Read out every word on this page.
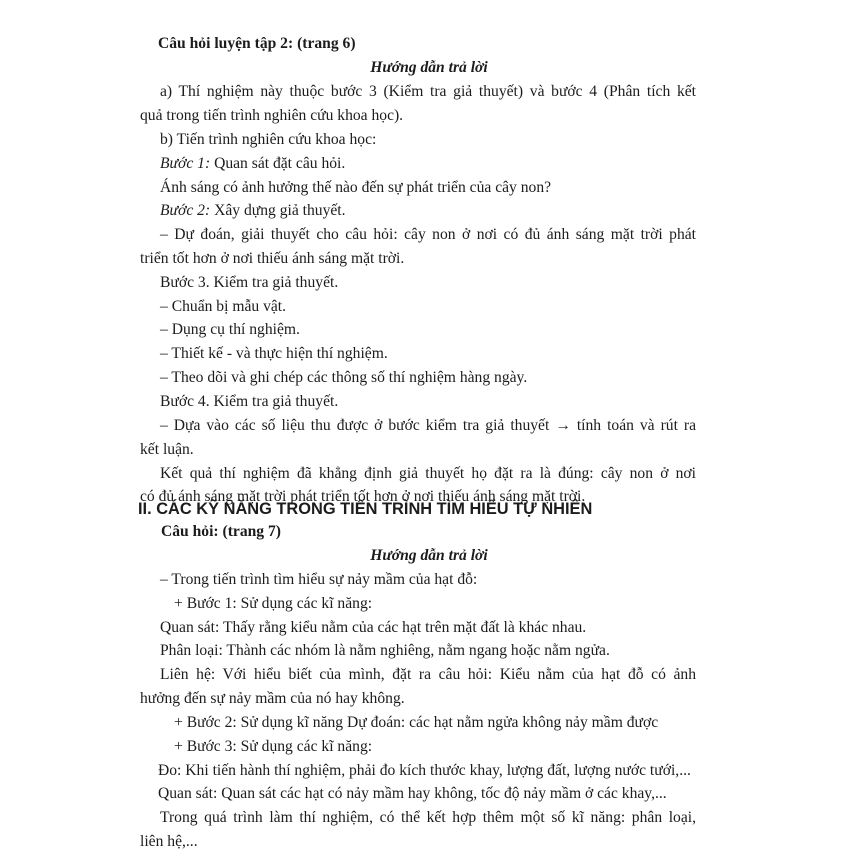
Câu hỏi luyện tập 2: (trang 6)
Hướng dẫn trả lời
a) Thí nghiệm này thuộc bước 3 (Kiểm tra giả thuyết) và bước 4 (Phân tích kết
quả trong tiến trình nghiên cứu khoa học).
b) Tiến trình nghiên cứu khoa học:
Bước 1: Quan sát đặt câu hỏi.
Ánh sáng có ảnh hưởng thế nào đến sự phát triển của cây non?
Bước 2: Xây dựng giả thuyết.
– Dự đoán, giải thuyết cho câu hỏi: cây non ở nơi có đủ ánh sáng mặt trời phát
triển tốt hơn ở nơi thiếu ánh sáng mặt trời.
Bước 3. Kiểm tra giả thuyết.
– Chuẩn bị mẫu vật.
– Dụng cụ thí nghiệm.
– Thiết kế - và thực hiện thí nghiệm.
– Theo dõi và ghi chép các thông số thí nghiệm hàng ngày.
Bước 4. Kiểm tra giả thuyết.
– Dựa vào các số liệu thu được ở bước kiểm tra giả thuyết → tính toán và rút ra
kết luận.
Kết quả thí nghiệm đã khẳng định giả thuyết họ đặt ra là đúng: cây non ở nơi
có đủ ánh sáng mặt trời phát triển tốt hơn ở nơi thiếu ánh sáng mặt trời.
II. CÁC KỸ NĂNG TRONG TIẾN TRÌNH TÌM HIỂU TỰ NHIÊN
Câu hỏi: (trang 7)
Hướng dẫn trả lời
– Trong tiến trình tìm hiểu sự nảy mầm của hạt đỗ:
+ Bước 1: Sử dụng các kĩ năng:
Quan sát: Thấy rằng kiểu nằm của các hạt trên mặt đất là khác nhau.
Phân loại: Thành các nhóm là nằm nghiêng, nằm ngang hoặc nằm ngửa.
Liên hệ: Với hiểu biết của mình, đặt ra câu hỏi: Kiểu nằm của hạt đỗ có ảnh
hưởng đến sự nảy mầm của nó hay không.
+ Bước 2: Sử dụng kĩ năng Dự đoán: các hạt nằm ngửa không nảy mầm được
+ Bước 3: Sử dụng các kĩ năng:
Đo: Khi tiến hành thí nghiệm, phải đo kích thước khay, lượng đất, lượng nước tưới,...
Quan sát: Quan sát các hạt có nảy mầm hay không, tốc độ nảy mầm ở các khay,...
Trong quá trình làm thí nghiệm, có thể kết hợp thêm một số kĩ năng: phân loại,
liên hệ,...
